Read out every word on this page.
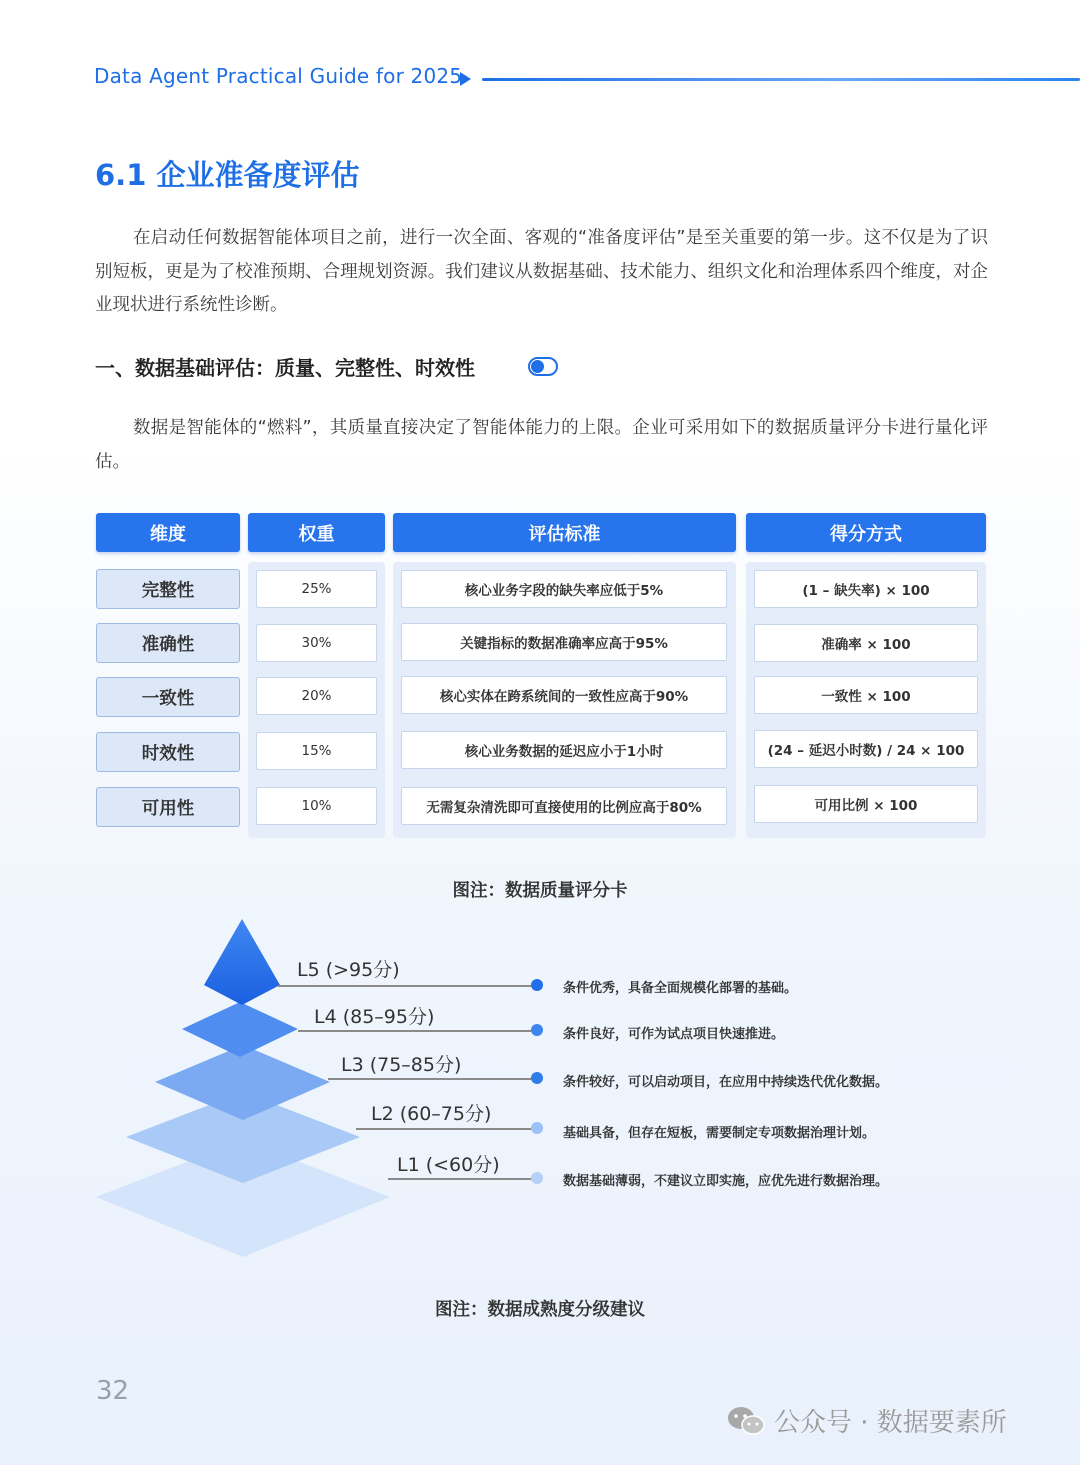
Data Agent Practical Guide for 2025
6.1 企业准备度评估

在启动任何数据智能体项目之前，进行一次全面、客观的“准备度评估”是至关重要的第一步。这不仅是为了识别短板，更是为了校准预期、合理规划资源。我们建议从数据基础、技术能力、组织文化和治理体系四个维度，对企业现状进行系统性诊断。

一、数据基础评估：质量、完整性、时效性

数据是智能体的“燃料”，其质量直接决定了智能体能力的上限。企业可采用如下的数据质量评分卡进行量化评估。

维度	权重	评估标准	得分方式
完整性	25%	核心业务字段的缺失率应低于5%	(1 – 缺失率) × 100
准确性	30%	关键指标的数据准确率应高于95%	准确率 × 100
一致性	20%	核心实体在跨系统间的一致性应高于90%	一致性 × 100
时效性	15%	核心业务数据的延迟应小于1小时	(24 – 延迟小时数) / 24 × 100
可用性	10%	无需复杂清洗即可直接使用的比例应高于80%	可用比例 × 100
图注：数据质量评分卡
L5 (>95分)
条件优秀，具备全面规模化部署的基础。
L4 (85–95分)
条件良好，可作为试点项目快速推进。
L3 (75–85分)
条件较好，可以启动项目，在应用中持续迭代优化数据。
L2 (60–75分)
基础具备，但存在短板，需要制定专项数据治理计划。
L1 (<60分)
数据基础薄弱，不建议立即实施，应优先进行数据治理。
图注：数据成熟度分级建议
32
公众号 · 数据要素所
